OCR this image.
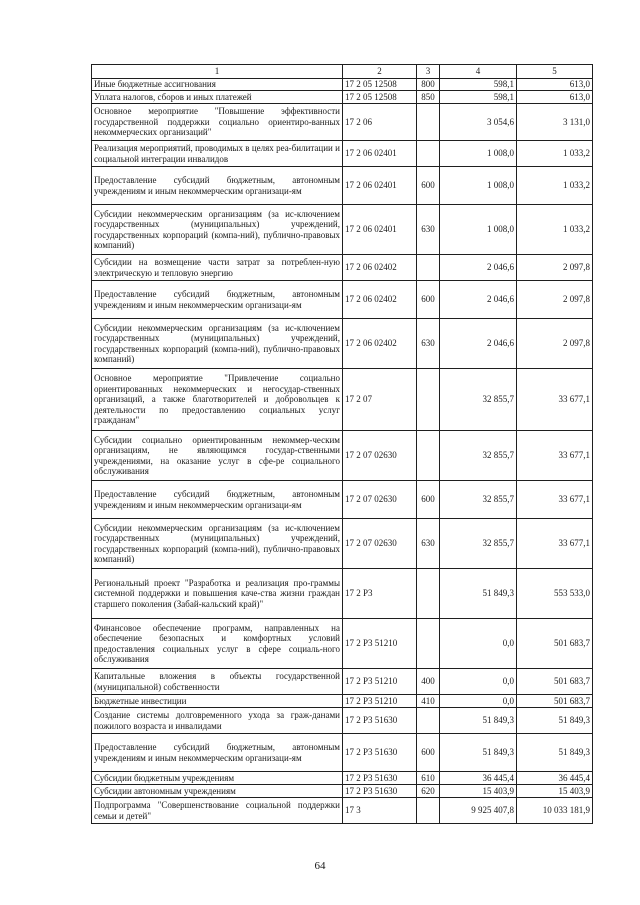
1	2	3	4	5
Иные бюджетные ассигнования	17 2 05 12508	800	598,1	613,0
Уплата налогов, сборов и иных платежей	17 2 05 12508	850	598,1	613,0
Основное мероприятие "Повышение эффективности государственной поддержки социально ориентиро-ванных некоммерческих организаций"	17 2 06		3 054,6	3 131,0
Реализация мероприятий, проводимых в целях реа-билитации и социальной интеграции инвалидов	17 2 06 02401		1 008,0	1 033,2
Предоставление субсидий бюджетным, автономным учреждениям и иным некоммерческим организаци-ям	17 2 06 02401	600	1 008,0	1 033,2
Субсидии некоммерческим организациям (за ис-ключением государственных (муниципальных) учреждений, государственных корпораций (компа-ний), публично-правовых компаний)	17 2 06 02401	630	1 008,0	1 033,2
Субсидии на возмещение части затрат за потреблен-ную электрическую и тепловую энергию	17 2 06 02402		2 046,6	2 097,8
Предоставление субсидий бюджетным, автономным учреждениям и иным некоммерческим организаци-ям	17 2 06 02402	600	2 046,6	2 097,8
Субсидии некоммерческим организациям (за ис-ключением государственных (муниципальных) учреждений, государственных корпораций (компа-ний), публично-правовых компаний)	17 2 06 02402	630	2 046,6	2 097,8
Основное мероприятие "Привлечение социально ориентированных некоммерческих и негосудар-ственных организаций, а также благотворителей и добровольцев к деятельности по предоставлению социальных услуг гражданам"	17 2 07		32 855,7	33 677,1
Субсидии социально ориентированным некоммер-ческим организациям, не являющимся государ-ственными учреждениями, на оказание услуг в сфе-ре социального обслуживания	17 2 07 02630		32 855,7	33 677,1
Предоставление субсидий бюджетным, автономным учреждениям и иным некоммерческим организаци-ям	17 2 07 02630	600	32 855,7	33 677,1
Субсидии некоммерческим организациям (за ис-ключением государственных (муниципальных) учреждений, государственных корпораций (компа-ний), публично-правовых компаний)	17 2 07 02630	630	32 855,7	33 677,1
Региональный проект "Разработка и реализация про-граммы системной поддержки и повышения каче-ства жизни граждан старшего поколения (Забай-кальский край)"	17 2 P3		51 849,3	553 533,0
Финансовое обеспечение программ, направленных на обеспечение безопасных и комфортных условий предоставления социальных услуг в сфере социаль-ного обслуживания	17 2 P3 51210		0,0	501 683,7
Капитальные вложения в объекты государственной (муниципальной) собственности	17 2 P3 51210	400	0,0	501 683,7
Бюджетные инвестиции	17 2 P3 51210	410	0,0	501 683,7
Создание системы долговременного ухода за граж-данами пожилого возраста и инвалидами	17 2 P3 51630		51 849,3	51 849,3
Предоставление субсидий бюджетным, автономным учреждениям и иным некоммерческим организаци-ям	17 2 P3 51630	600	51 849,3	51 849,3
Субсидии бюджетным учреждениям	17 2 P3 51630	610	36 445,4	36 445,4
Субсидии автономным учреждениям	17 2 P3 51630	620	15 403,9	15 403,9
Подпрограмма "Совершенствование социальной поддержки семьи и детей"	17 3		9 925 407,8	10 033 181,9
64
